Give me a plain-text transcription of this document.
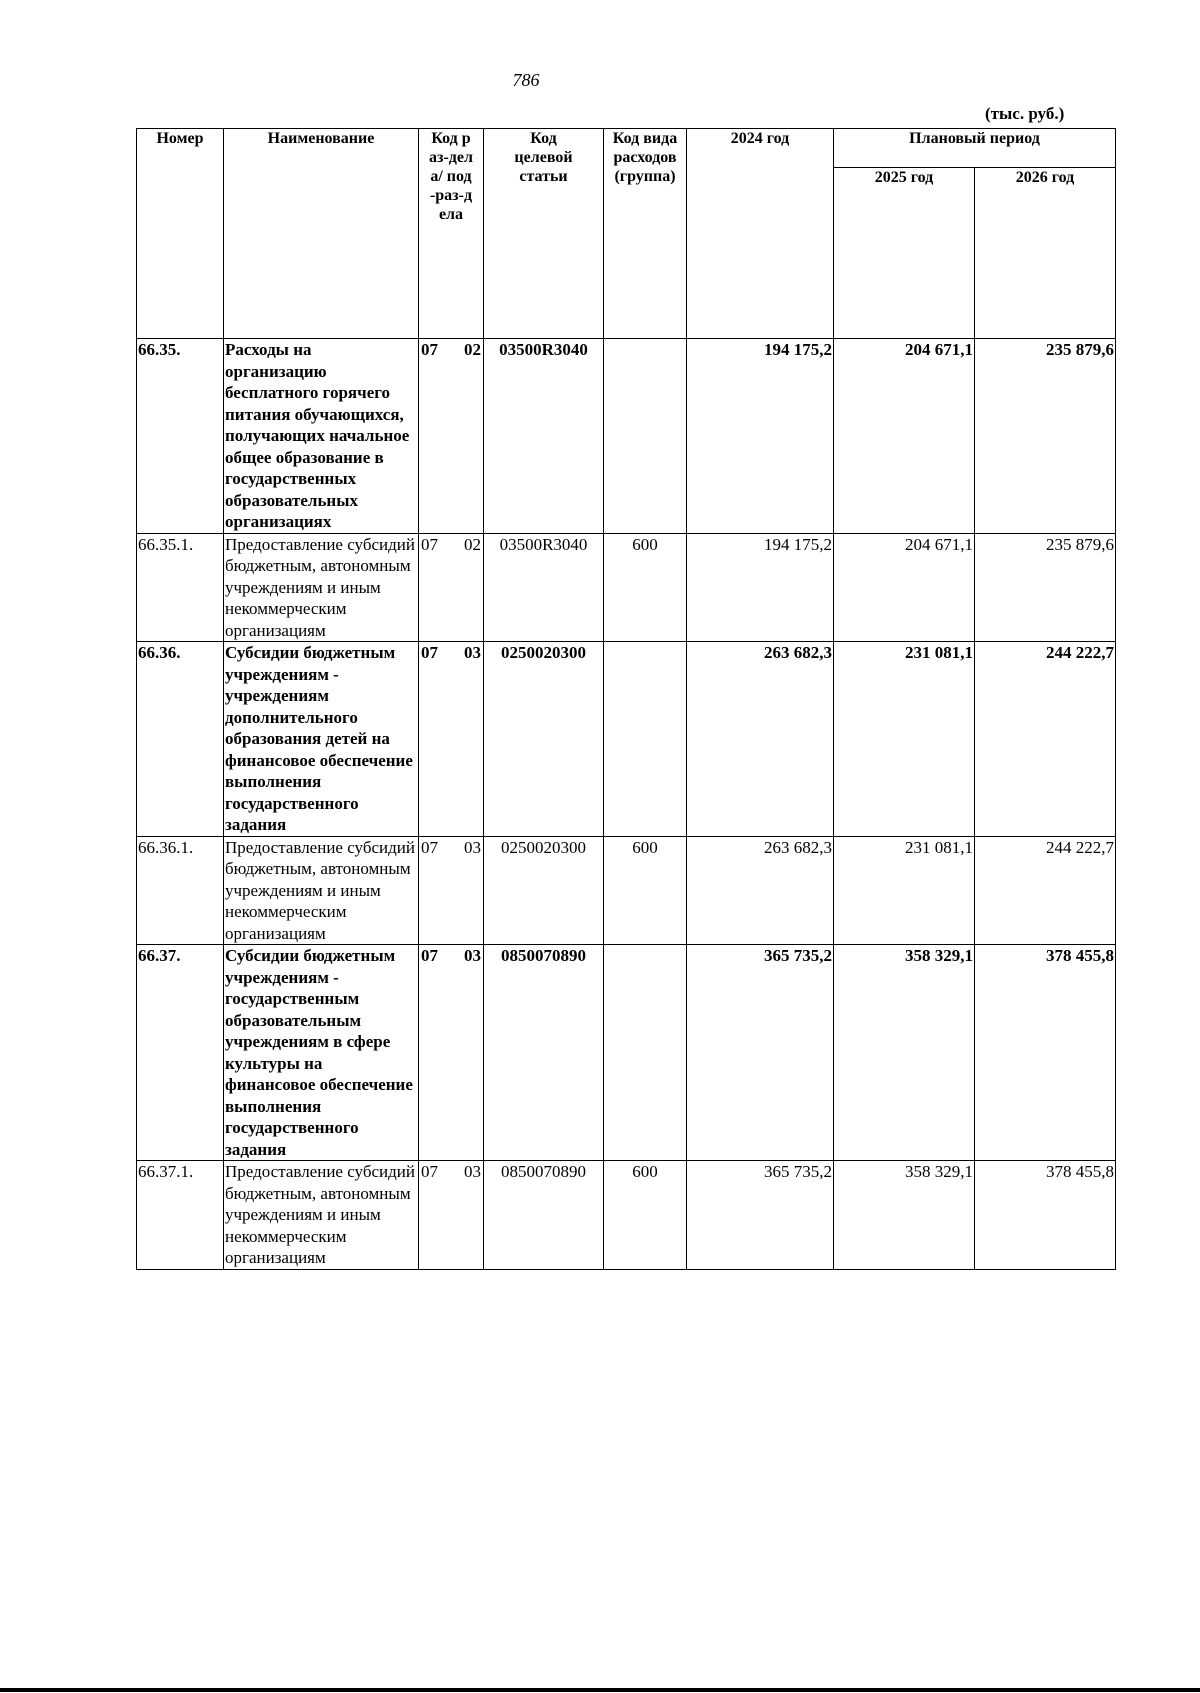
786
(тыс. руб.)
Номер	Наименование	Код раз-дела/ под-раз-дела	Код целевой статьи	Код вида расходов (группа)	2024 год	Плановый период	
						2025 год	2026 год
66.35.	Расходы на организацию бесплатного горячего питания обучающихся, получающих начальное общее образование в государственных образовательных организациях	07 02	03500R3040		194 175,2	204 671,1	235 879,6
66.35.1.	Предоставление субсидий бюджетным, автономным учреждениям и иным некоммерческим организациям	07 02	03500R3040	600	194 175,2	204 671,1	235 879,6
66.36.	Субсидии бюджетным учреждениям - учреждениям дополнительного образования детей на финансовое обеспечение выполнения государственного задания	07 03	0250020300		263 682,3	231 081,1	244 222,7
66.36.1.	Предоставление субсидий бюджетным, автономным учреждениям и иным некоммерческим организациям	07 03	0250020300	600	263 682,3	231 081,1	244 222,7
66.37.	Субсидии бюджетным учреждениям - государственным образовательным учреждениям в сфере культуры на финансовое обеспечение выполнения государственного задания	07 03	0850070890		365 735,2	358 329,1	378 455,8
66.37.1.	Предоставление субсидий бюджетным, автономным учреждениям и иным некоммерческим организациям	07 03	0850070890	600	365 735,2	358 329,1	378 455,8
